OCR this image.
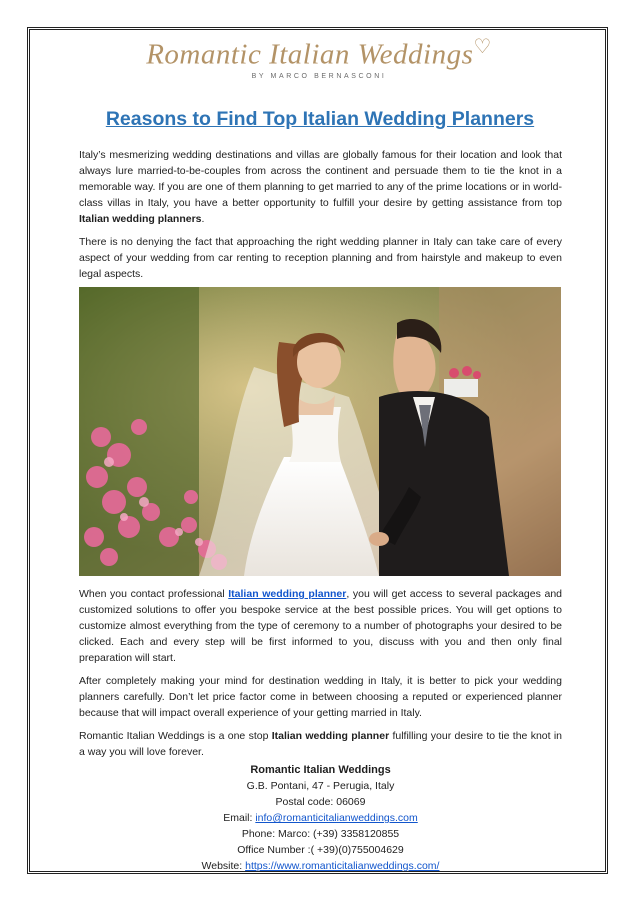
Romantic Italian Weddings♡
BY MARCO BERNASCONI
Reasons to Find Top Italian Wedding Planners

Italy’s mesmerizing wedding destinations and villas are globally famous for their location and look that always lure married-to-be-couples from across the continent and persuade them to tie the knot in a memorable way. If you are one of them planning to get married to any of the prime locations or in world-class villas in Italy, you have a better opportunity to fulfill your desire by getting assistance from top Italian wedding planners.

There is no denying the fact that approaching the right wedding planner in Italy can take care of every aspect of your wedding from car renting to reception planning and from hairstyle and makeup to even legal aspects.

When you contact professional Italian wedding planner, you will get access to several packages and customized solutions to offer you bespoke service at the best possible prices. You will get options to customize almost everything from the type of ceremony to a number of photographs your desired to be clicked. Each and every step will be first informed to you, discuss with you and then only final preparation will start.

After completely making your mind for destination wedding in Italy, it is better to pick your wedding planners carefully. Don’t let price factor come in between choosing a reputed or experienced planner because that will impact overall experience of your getting married in Italy.

Romantic Italian Weddings is a one stop Italian wedding planner fulfilling your desire to tie the knot in a way you will love forever.

Romantic Italian Weddings
G.B. Pontani, 47 - Perugia, Italy
Postal code: 06069
Email: info@romanticitalianweddings.com
Phone: Marco: (+39) 3358120855
Office Number :( +39)(0)755004629
Website: https://www.romanticitalianweddings.com/
